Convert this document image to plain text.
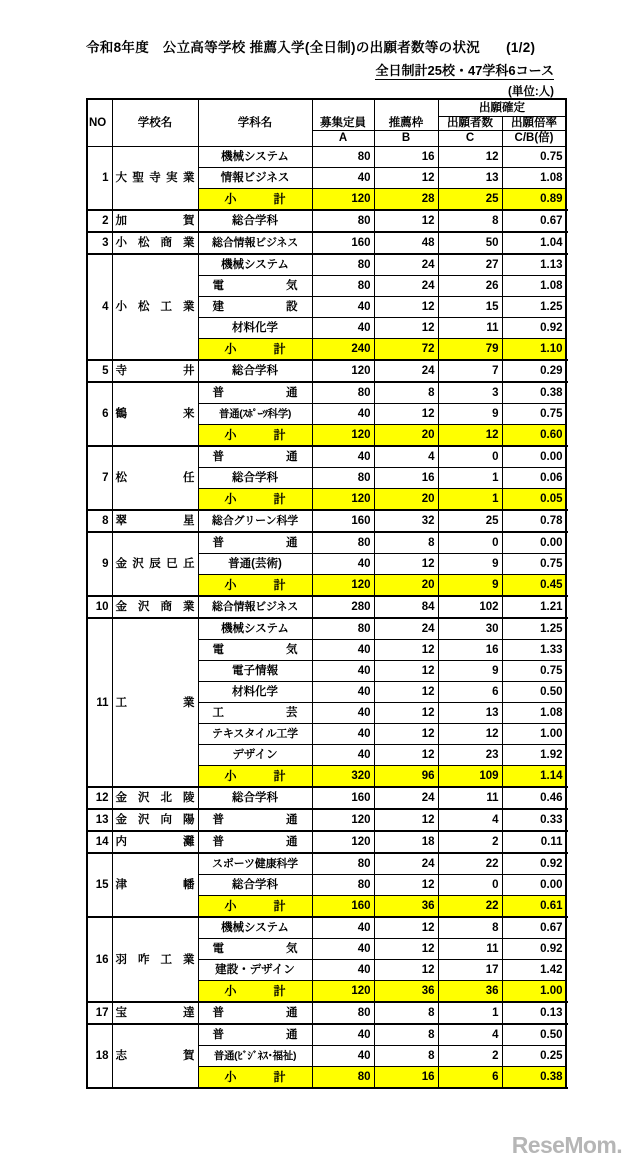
令和8年度　公立高等学校 推薦入学(全日制)の出願者数等の状況 (1/2)
全日制計25校・47学科6コース
(単位:人)
NO	学校名	学科名	募集定員	推薦枠	出願確定	
					出願者数	出願倍率	
			A	B	C	C/B(倍)	
1	大聖寺実業	機械システム	80	16	12	0.75	
		情報ビジネス	40	12	13	1.08	
		小　　計	120	28	25	0.89	
2	加賀	総合学科	80	12	8	0.67	
3	小松商業	総合情報ビジネス	160	48	50	1.04	
4	小松工業	機械システム	80	24	27	1.13	
		電気	80	24	26	1.08	
		建設	40	12	15	1.25	
		材料化学	40	12	11	0.92	
		小　　計	240	72	79	1.10	
5	寺井	総合学科	120	24	7	0.29	
6	鶴来	普通	80	8	3	0.38	
		普通(ｽﾎﾟｰﾂ科学)	40	12	9	0.75	
		小　　計	120	20	12	0.60	
7	松任	普通	40	4	0	0.00	
		総合学科	80	16	1	0.06	
		小　　計	120	20	1	0.05	
8	翠星	総合グリーン科学	160	32	25	0.78	
9	金沢辰巳丘	普通	80	8	0	0.00	
		普通(芸術)	40	12	9	0.75	
		小　　計	120	20	9	0.45	
10	金沢商業	総合情報ビジネス	280	84	102	1.21	
11	工業	機械システム	80	24	30	1.25	
		電気	40	12	16	1.33	
		電子情報	40	12	9	0.75	
		材料化学	40	12	6	0.50	
		工芸	40	12	13	1.08	
		テキスタイル工学	40	12	12	1.00	
		デザイン	40	12	23	1.92	
		小　　計	320	96	109	1.14	
12	金沢北陵	総合学科	160	24	11	0.46	
13	金沢向陽	普通	120	12	4	0.33	
14	内灘	普通	120	18	2	0.11	
15	津幡	スポーツ健康科学	80	24	22	0.92	
		総合学科	80	12	0	0.00	
		小　　計	160	36	22	0.61	
16	羽咋工業	機械システム	40	12	8	0.67	
		電気	40	12	11	0.92	
		建設・デザイン	40	12	17	1.42	
		小　　計	120	36	36	1.00	
17	宝達	普通	80	8	1	0.13	
18	志賀	普通	40	8	4	0.50	
		普通(ﾋﾞｼﾞﾈｽ･福祉)	40	8	2	0.25	
		小　　計	80	16	6	0.38	
ReseMom.
